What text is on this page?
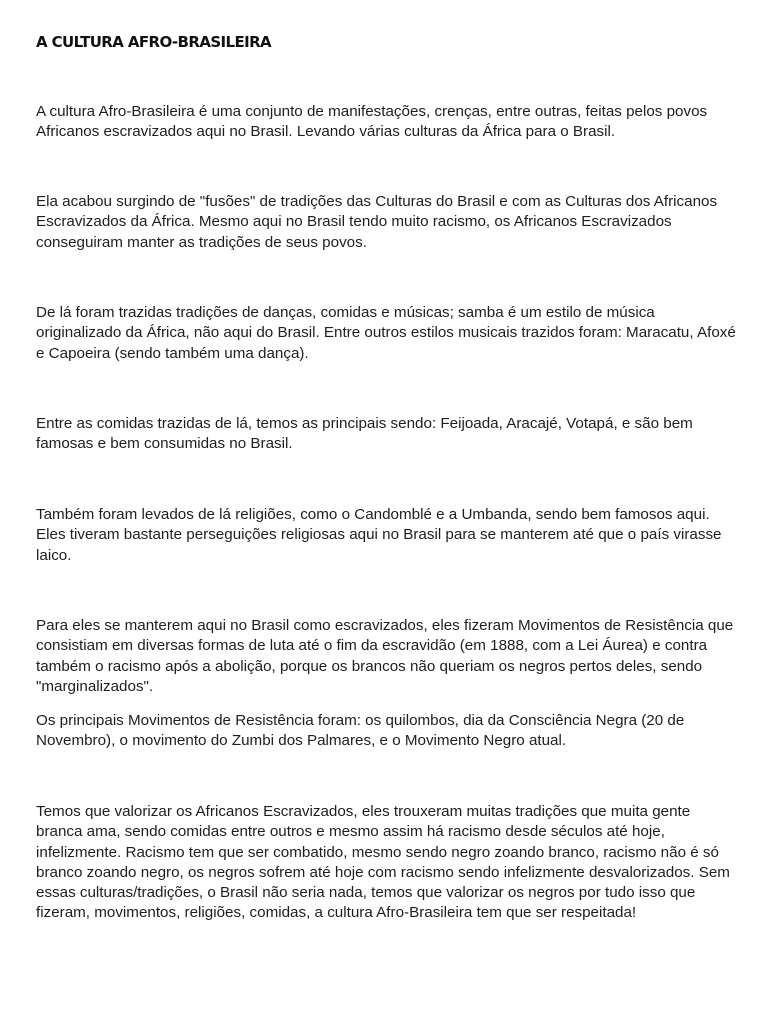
A CULTURA AFRO-BRASILEIRA

A cultura Afro-Brasileira é uma conjunto de manifestações, crenças, entre outras, feitas pelos povos Africanos escravizados aqui no Brasil. Levando várias culturas da África para o Brasil.

Ela acabou surgindo de "fusões" de tradições das Culturas do Brasil e com as Culturas dos Africanos Escravizados da África. Mesmo aqui no Brasil tendo muito racismo, os Africanos Escravizados conseguiram manter as tradições de seus povos.

De lá foram trazidas tradições de danças, comidas e músicas; samba é um estilo de música originalizado da África, não aqui do Brasil. Entre outros estilos musicais trazidos foram: Maracatu, Afoxé e Capoeira (sendo também uma dança).

Entre as comidas trazidas de lá, temos as principais sendo: Feijoada, Aracajé, Votapá, e são bem famosas e bem consumidas no Brasil.

Também foram levados de lá religiões, como o Candomblé e a Umbanda, sendo bem famosos aqui. Eles tiveram bastante perseguições religiosas aqui no Brasil para se manterem até que o país virasse laico.

Para eles se manterem aqui no Brasil como escravizados, eles fizeram Movimentos de Resistência que consistiam em diversas formas de luta até o fim da escravidão (em 1888, com a Lei Áurea) e contra também o racismo após a abolição, porque os brancos não queriam os negros pertos deles, sendo "marginalizados".

Os principais Movimentos de Resistência foram: os quilombos, dia da Consciência Negra (20 de Novembro), o movimento do Zumbi dos Palmares, e o Movimento Negro atual.

Temos que valorizar os Africanos Escravizados, eles trouxeram muitas tradições que muita gente branca ama, sendo comidas entre outros e mesmo assim há racismo desde séculos até hoje, infelizmente. Racismo tem que ser combatido, mesmo sendo negro zoando branco, racismo não é só branco zoando negro, os negros sofrem até hoje com racismo sendo infelizmente desvalorizados. Sem essas culturas/tradições, o Brasil não seria nada, temos que valorizar os negros por tudo isso que fizeram, movimentos, religiões, comidas, a cultura Afro-Brasileira tem que ser respeitada!
